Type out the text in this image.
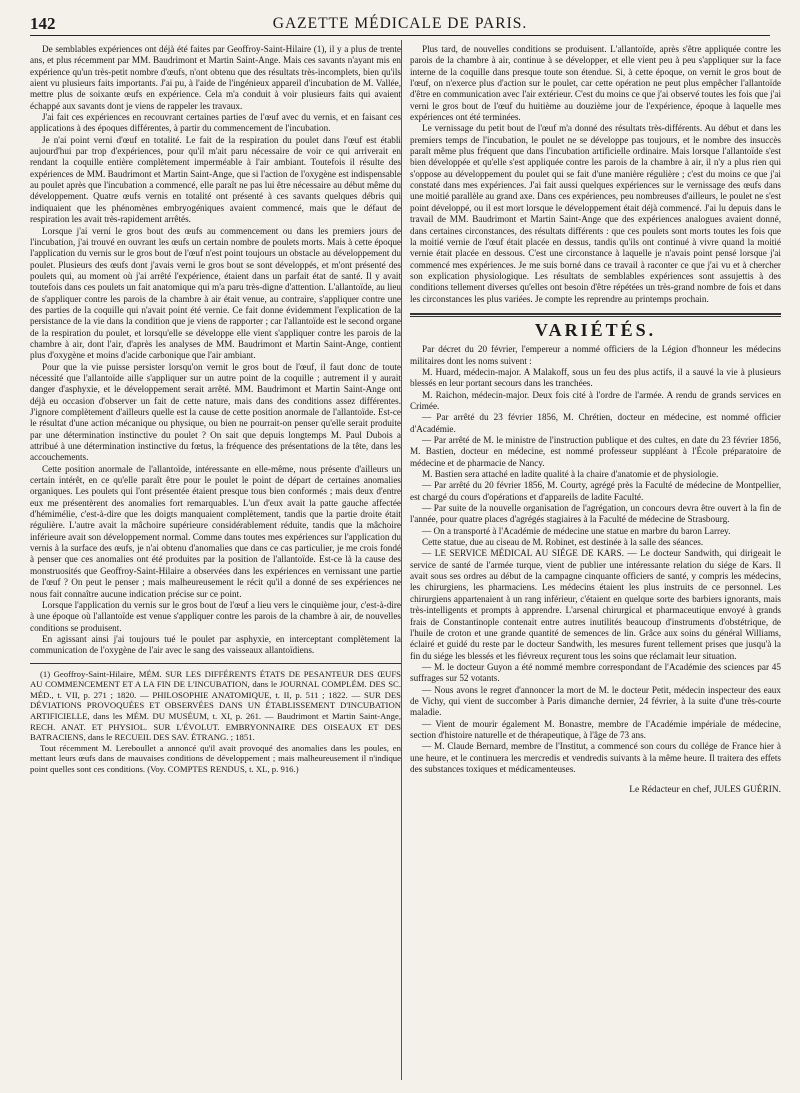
142	GAZETTE MÉDICALE DE PARIS.

De semblables expériences ont déjà été faites par Geoffroy-Saint-Hilaire (1), il y a plus de trente ans, et plus récemment par MM. Baudrimont et Martin Saint-Ange. Mais ces savants n'ayant mis en expérience qu'un très-petit nombre d'œufs, n'ont obtenu que des résultats très-incomplets, bien qu'ils aient vu plusieurs faits importants. J'ai pu, à l'aide de l'ingénieux appareil d'incubation de M. Vallée, mettre plus de soixante œufs en expérience. Cela m'a conduit à voir plusieurs faits qui avaient échappé aux savants dont je viens de rappeler les travaux.

J'ai fait ces expériences en recouvrant certaines parties de l'œuf avec du vernis, et en faisant ces applications à des époques différentes, à partir du commencement de l'incubation.

Je n'ai point verni d'œuf en totalité. Le fait de la respiration du poulet dans l'œuf est établi aujourd'hui par trop d'expériences, pour qu'il m'ait paru nécessaire de voir ce qui arriverait en rendant la coquille entière complètement imperméable à l'air ambiant. Toutefois il résulte des expériences de MM. Baudrimont et Martin Saint-Ange, que si l'action de l'oxygène est indispensable au poulet après que l'incubation a commencé, elle paraît ne pas lui être nécessaire au début même du développement. Quatre œufs vernis en totalité ont présenté à ces savants quelques débris qui indiquaient que les phénomènes embryogéniques avaient commencé, mais que le défaut de respiration les avait très-rapidement arrêtés.

Lorsque j'ai verni le gros bout des œufs au commencement ou dans les premiers jours de l'incubation, j'ai trouvé en ouvrant les œufs un certain nombre de poulets morts. Mais à cette époque l'application du vernis sur le gros bout de l'œuf n'est point toujours un obstacle au développement du poulet. Plusieurs des œufs dont j'avais verni le gros bout se sont développés, et m'ont présenté des poulets qui, au moment où j'ai arrêté l'expérience, étaient dans un parfait état de santé. Il y avait toutefois dans ces poulets un fait anatomique qui m'a paru très-digne d'attention. L'allantoïde, au lieu de s'appliquer contre les parois de la chambre à air était venue, au contraire, s'appliquer contre une des parties de la coquille qui n'avait point été vernie. Ce fait donne évidemment l'explication de la persistance de la vie dans la condition que je viens de rapporter ; car l'allantoïde est le second organe de la respiration du poulet, et lorsqu'elle se développe elle vient s'appliquer contre les parois de la chambre à air, dont l'air, d'après les analyses de MM. Baudrimont et Martin Saint-Ange, contient plus d'oxygène et moins d'acide carbonique que l'air ambiant.

Pour que la vie puisse persister lorsqu'on vernit le gros bout de l'œuf, il faut donc de toute nécessité que l'allantoïde aille s'appliquer sur un autre point de la coquille ; autrement il y aurait danger d'asphyxie, et le développement serait arrêté. MM. Baudrimont et Martin Saint-Ange ont déjà eu occasion d'observer un fait de cette nature, mais dans des conditions assez différentes. J'ignore complètement d'ailleurs quelle est la cause de cette position anormale de l'allantoïde. Est-ce le résultat d'une action mécanique ou physique, ou bien ne pourrait-on penser qu'elle serait produite par une détermination instinctive du poulet ? On sait que depuis longtemps M. Paul Dubois a attribué à une détermination instinctive du fœtus, la fréquence des présentations de la tête, dans les accouchements.

Cette position anormale de l'allantoïde, intéressante en elle-même, nous présente d'ailleurs un certain intérêt, en ce qu'elle paraît être pour le poulet le point de départ de certaines anomalies organiques. Les poulets qui l'ont présentée étaient presque tous bien conformés ; mais deux d'entre eux me présentèrent des anomalies fort remarquables. L'un d'eux avait la patte gauche affectée d'hémimélie, c'est-à-dire que les doigts manquaient complètement, tandis que la partie droite était régulière. L'autre avait la mâchoire supérieure considérablement réduite, tandis que la mâchoire inférieure avait son développement normal. Comme dans toutes mes expériences sur l'application du vernis à la surface des œufs, je n'ai obtenu d'anomalies que dans ce cas particulier, je me crois fondé à penser que ces anomalies ont été produites par la position de l'allantoïde. Est-ce là la cause des monstruosités que Geoffroy-Saint-Hilaire a observées dans les expériences en vernissant une partie de l'œuf ? On peut le penser ; mais malheureusement le récit qu'il a donné de ses expériences ne nous fait connaître aucune indication précise sur ce point.

Lorsque l'application du vernis sur le gros bout de l'œuf a lieu vers le cinquième jour, c'est-à-dire à une époque où l'allantoïde est venue s'appliquer contre les parois de la chambre à air, de nouvelles conditions se produisent.

En agissant ainsi j'ai toujours tué le poulet par asphyxie, en interceptant complètement la communication de l'oxygène de l'air avec le sang des vaisseaux allantoïdiens.

(1) Geoffroy-Saint-Hilaire, MÉM. SUR LES DIFFÉRENTS ÉTATS DE PESANTEUR DES ŒUFS AU COMMENCEMENT ET A LA FIN DE L'INCUBATION, dans le JOURNAL COMPLÉM. DES SC. MÉD., t. VII, p. 271 ; 1820. — PHILOSOPHIE ANATOMIQUE, t. II, p. 511 ; 1822. — SUR DES DÉVIATIONS PROVOQUÉES ET OBSERVÉES DANS UN ÉTABLISSEMENT D'INCUBATION ARTIFICIELLE, dans les MÉM. DU MUSÉUM, t. XI, p. 261. — Baudrimont et Martin Saint-Ange, RECH. ANAT. ET PHYSIOL. SUR L'ÉVOLUT. EMBRYONNAIRE DES OISEAUX ET DES BATRACIENS, dans le RECUEIL DES SAV. ÉTRANG. ; 1851.

Tout récemment M. Lereboullet a annoncé qu'il avait provoqué des anomalies dans les poules, en mettant leurs œufs dans de mauvaises conditions de développement ; mais malheureusement il n'indique point quelles sont ces conditions. (Voy. COMPTES RENDUS, t. XL, p. 916.)

Plus tard, de nouvelles conditions se produisent. L'allantoïde, après s'être appliquée contre les parois de la chambre à air, continue à se développer, et elle vient peu à peu s'appliquer sur la face interne de la coquille dans presque toute son étendue. Si, à cette époque, on vernit le gros bout de l'œuf, on n'exerce plus d'action sur le poulet, car cette opération ne peut plus empêcher l'allantoïde d'être en communication avec l'air extérieur. C'est du moins ce que j'ai observé toutes les fois que j'ai verni le gros bout de l'œuf du huitième au douzième jour de l'expérience, époque à laquelle mes expériences ont été terminées.

Le vernissage du petit bout de l'œuf m'a donné des résultats très-différents. Au début et dans les premiers temps de l'incubation, le poulet ne se développe pas toujours, et le nombre des insuccès paraît même plus fréquent que dans l'incubation artificielle ordinaire. Mais lorsque l'allantoïde s'est bien développée et qu'elle s'est appliquée contre les parois de la chambre à air, il n'y a plus rien qui s'oppose au développement du poulet qui se fait d'une manière régulière ; c'est du moins ce que j'ai constaté dans mes expériences. J'ai fait aussi quelques expériences sur le vernissage des œufs dans une moitié parallèle au grand axe. Dans ces expériences, peu nombreuses d'ailleurs, le poulet ne s'est point développé, ou il est mort lorsque le développement était déjà commencé. J'ai lu depuis dans le travail de MM. Baudrimont et Martin Saint-Ange que des expériences analogues avaient donné, dans certaines circonstances, des résultats différents : que ces poulets sont morts toutes les fois que la moitié vernie de l'œuf était placée en dessus, tandis qu'ils ont continué à vivre quand la moitié vernie était placée en dessous. C'est une circonstance à laquelle je n'avais point pensé lorsque j'ai commencé mes expériences. Je me suis borné dans ce travail à raconter ce que j'ai vu et à chercher son explication physiologique. Les résultats de semblables expériences sont assujettis à des conditions tellement diverses qu'elles ont besoin d'être répétées un très-grand nombre de fois et dans les circonstances les plus variées. Je compte les reprendre au printemps prochain.

VARIÉTÉS.

Par décret du 20 février, l'empereur a nommé officiers de la Légion d'honneur les médecins militaires dont les noms suivent :

M. Huard, médecin-major. A Malakoff, sous un feu des plus actifs, il a sauvé la vie à plusieurs blessés en leur portant secours dans les tranchées.

M. Raichon, médecin-major. Deux fois cité à l'ordre de l'armée. A rendu de grands services en Crimée.

— Par arrêté du 23 février 1856, M. Chrétien, docteur en médecine, est nommé officier d'Académie.

— Par arrêté de M. le ministre de l'instruction publique et des cultes, en date du 23 février 1856, M. Bastien, docteur en médecine, est nommé professeur suppléant à l'École préparatoire de médecine et de pharmacie de Nancy.

M. Bastien sera attaché en ladite qualité à la chaire d'anatomie et de physiologie.

— Par arrêté du 20 février 1856, M. Courty, agrégé près la Faculté de médecine de Montpellier, est chargé du cours d'opérations et d'appareils de ladite Faculté.

— Par suite de la nouvelle organisation de l'agrégation, un concours devra être ouvert à la fin de l'année, pour quatre places d'agrégés stagiaires à la Faculté de médecine de Strasbourg.

— On a transporté à l'Académie de médecine une statue en marbre du baron Larrey.

Cette statue, due au ciseau de M. Robinet, est destinée à la salle des séances.

— LE SERVICE MÉDICAL AU SIÉGE DE KARS. — Le docteur Sandwith, qui dirigeait le service de santé de l'armée turque, vient de publier une intéressante relation du siége de Kars. Il avait sous ses ordres au début de la campagne cinquante officiers de santé, y compris les médecins, les chirurgiens, les pharmaciens. Les médecins étaient les plus instruits de ce personnel. Les chirurgiens appartenaient à un rang inférieur, c'étaient en quelque sorte des barbiers ignorants, mais très-intelligents et prompts à apprendre. L'arsenal chirurgical et pharmaceutique envoyé à grands frais de Constantinople contenait entre autres inutilités beaucoup d'instruments d'obstétrique, de l'huile de croton et une grande quantité de semences de lin. Grâce aux soins du général Williams, éclairé et guidé du reste par le docteur Sandwith, les mesures furent tellement prises que jusqu'à la fin du siége les blessés et les fiévreux reçurent tous les soins que réclamait leur situation.

— M. le docteur Guyon a été nommé membre correspondant de l'Académie des sciences par 45 suffrages sur 52 votants.

— Nous avons le regret d'annoncer la mort de M. le docteur Petit, médecin inspecteur des eaux de Vichy, qui vient de succomber à Paris dimanche dernier, 24 février, à la suite d'une très-courte maladie.

— Vient de mourir également M. Bonastre, membre de l'Académie impériale de médecine, section d'histoire naturelle et de thérapeutique, à l'âge de 73 ans.

— M. Claude Bernard, membre de l'Institut, a commencé son cours du collége de France hier à une heure, et le continuera les mercredis et vendredis suivants à la même heure. Il traitera des effets des substances toxiques et médicamenteuses.

Le Rédacteur en chef, JULES GUÉRIN.
